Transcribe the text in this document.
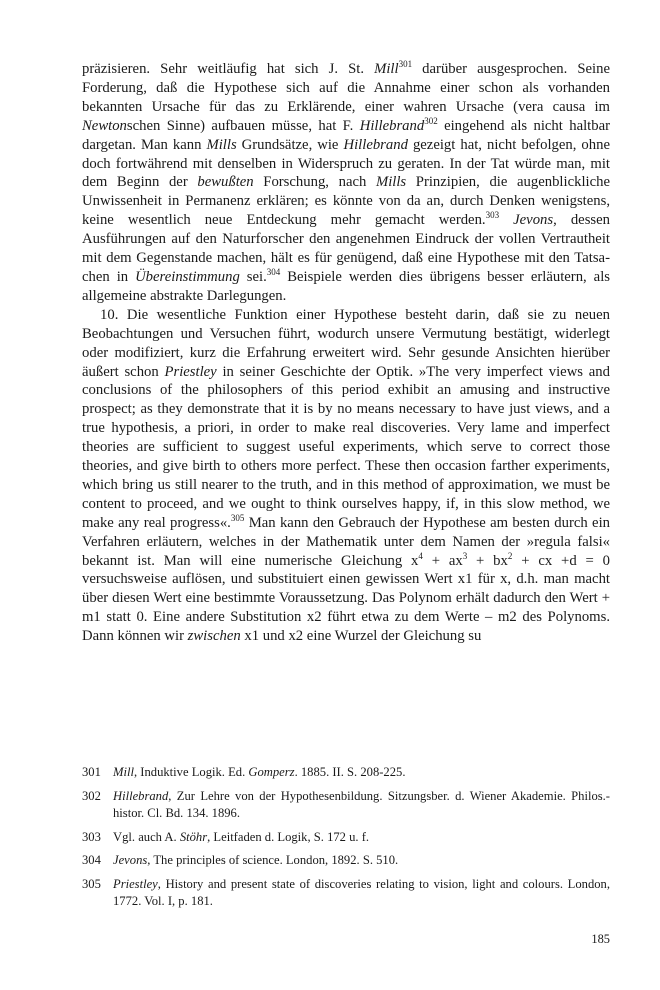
präzisieren. Sehr weitläufig hat sich J. St. Mill$^{301}$ darüber ausgesprochen. Seine Forderung, daß die Hypothese sich auf die Annahme einer schon als vorhanden bekannten Ursache für das zu Erklärende, einer wahren Ursache (vera causa im Newtonschen Sinne) aufbauen müsse, hat F. Hillebrand$^{302}$ eingehend als nicht haltbar dargetan. Man kann Mills Grundsätze, wie Hillebrand gezeigt hat, nicht befolgen, ohne doch fortwährend mit denselben in Widerspruch zu geraten. In der Tat würde man, mit dem Beginn der bewußten Forschung, nach Mills Prinzipien, die augenblickliche Unwissenheit in Permanenz erklären; es könnte von da an, durch Denken wenigstens, keine wesentlich neue Entdeckung mehr gemacht werden.$^{303}$ Jevons, dessen Ausführungen auf den Naturforscher den angenehmen Eindruck der vollen Vertrautheit mit dem Gegenstande machen, hält es für genügend, daß eine Hypothese mit den Tatsachen in Übereinstimmung sei.$^{304}$ Beispiele werden dies übrigens besser erläutern, als allgemeine abstrakte Darlegungen.

10. Die wesentliche Funktion einer Hypothese besteht darin, daß sie zu neuen Beobachtungen und Versuchen führt, wodurch unsere Vermutung bestätigt, widerlegt oder modifiziert, kurz die Erfahrung erweitert wird. Sehr gesunde Ansichten hierüber äußert schon Priestley in seiner Geschichte der Optik. »The very imperfect views and conclusions of the philosophers of this period exhibit an amusing and instructive prospect; as they demonstrate that it is by no means necessary to have just views, and a true hypothesis, a priori, in order to make real discoveries. Very lame and imperfect theories are sufficient to suggest useful experiments, which serve to correct those theories, and give birth to others more perfect. These then occasion farther experiments, which bring us still nearer to the truth, and in this method of approximation, we must be content to proceed, and we ought to think ourselves happy, if, in this slow method, we make any real progress«.$^{305}$ Man kann den Gebrauch der Hypothese am besten durch ein Verfahren erläutern, welches in der Mathematik unter dem Namen der »regula falsi« bekannt ist. Man will eine numerische Gleichung $x^4 + ax^3 + bx^2$ + cx +d = 0 versuchsweise auflösen, und substituiert einen gewissen Wert x1 für x, d.h. man macht über diesen Wert eine bestimmte Voraussetzung. Das Polynom erhält dadurch den Wert + m1 statt 0. Eine andere Substitution x2 führt etwa zu dem Werte – m2 des Polynoms. Dann können wir zwischen x1 und x2 eine Wurzel der Gleichung su

301 Mill, Induktive Logik. Ed. Gomperz. 1885. II. S. 208-225.
302 Hillebrand, Zur Lehre von der Hypothesenbildung. Sitzungsber. d. Wiener Akademie. Philos.-histor. Cl. Bd. 134. 1896.
303 Vgl. auch A. Stöhr, Leitfaden d. Logik, S. 172 u. f.
304 Jevons, The principles of science. London, 1892. S. 510.
305 Priestley, History and present state of discoveries relating to vision, light and colours. London, 1772. Vol. I, p. 181.
185
